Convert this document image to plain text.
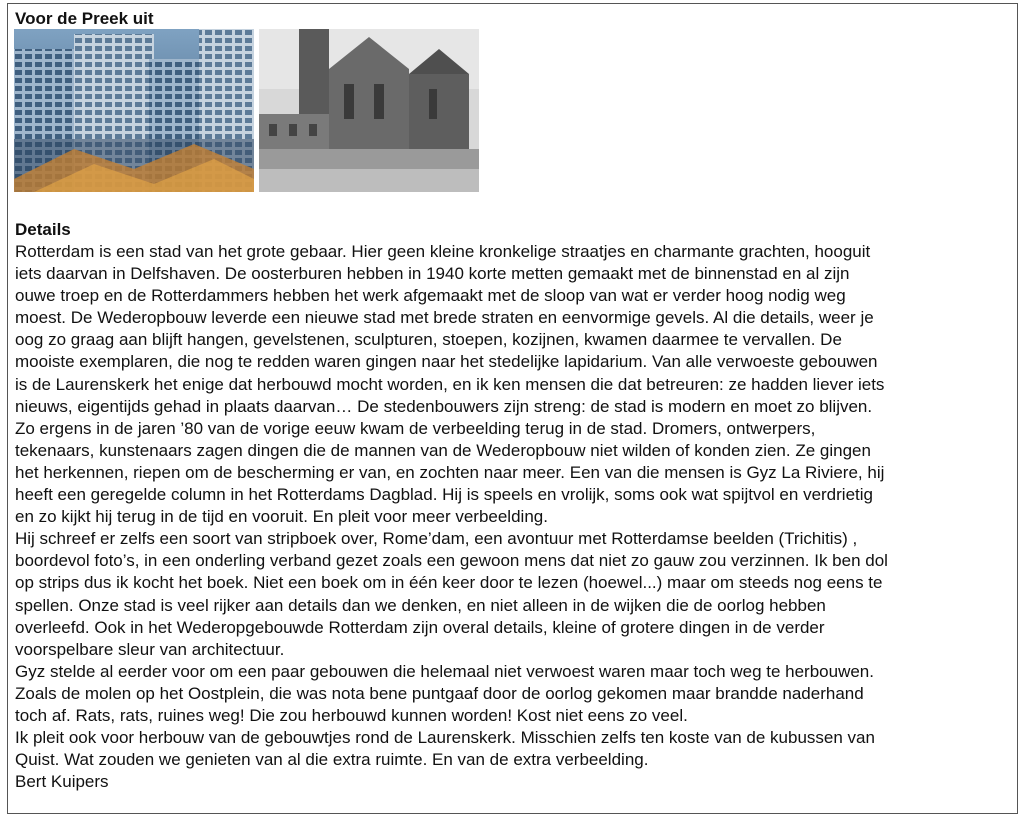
Voor de Preek uit
Details

Rotterdam is een stad van het grote gebaar. Hier geen kleine kronkelige straatjes en charmante grachten, hooguit
iets daarvan in Delfshaven. De oosterburen hebben in 1940 korte metten gemaakt met de binnenstad en al zijn
ouwe troep en de Rotterdammers hebben het werk afgemaakt met de sloop van wat er verder hoog nodig weg
moest. De Wederopbouw leverde een nieuwe stad met brede straten en eenvormige gevels. Al die details, weer je
oog zo graag aan blijft hangen, gevelstenen, sculpturen, stoepen, kozijnen, kwamen daarmee te vervallen. De
mooiste exemplaren, die nog te redden waren gingen naar het stedelijke lapidarium. Van alle verwoeste gebouwen
is de Laurenskerk het enige dat herbouwd mocht worden, en ik ken mensen die dat betreuren: ze hadden liever iets
nieuws, eigentijds gehad in plaats daarvan… De stedenbouwers zijn streng: de stad is modern en moet zo blijven.
Zo ergens in de jaren ’80 van de vorige eeuw kwam de verbeelding terug in de stad. Dromers, ontwerpers,
tekenaars, kunstenaars zagen dingen die de mannen van de Wederopbouw niet wilden of konden zien. Ze gingen
het herkennen, riepen om de bescherming er van, en zochten naar meer. Een van die mensen is Gyz La Riviere, hij
heeft een geregelde column in het Rotterdams Dagblad. Hij is speels en vrolijk, soms ook wat spijtvol en verdrietig
en zo kijkt hij terug in de tijd en vooruit. En pleit voor meer verbeelding.

Hij schreef er zelfs een soort van stripboek over, Rome’dam, een avontuur met Rotterdamse beelden (Trichitis) ,
boordevol foto’s, in een onderling verband gezet zoals een gewoon mens dat niet zo gauw zou verzinnen. Ik ben dol
op strips dus ik kocht het boek. Niet een boek om in één keer door te lezen (hoewel...) maar om steeds nog eens te
spellen. Onze stad is veel rijker aan details dan we denken, en niet alleen in de wijken die de oorlog hebben
overleefd. Ook in het Wederopgebouwde Rotterdam zijn overal details, kleine of grotere dingen in de verder
voorspelbare sleur van architectuur.

Gyz stelde al eerder voor om een paar gebouwen die helemaal niet verwoest waren maar toch weg te herbouwen.
Zoals de molen op het Oostplein, die was nota bene puntgaaf door de oorlog gekomen maar brandde naderhand
toch af. Rats, rats, ruines weg! Die zou herbouwd kunnen worden! Kost niet eens zo veel.

Ik pleit ook voor herbouw van de gebouwtjes rond de Laurenskerk. Misschien zelfs ten koste van de kubussen van
Quist. Wat zouden we genieten van al die extra ruimte. En van de extra verbeelding.

Bert Kuipers
